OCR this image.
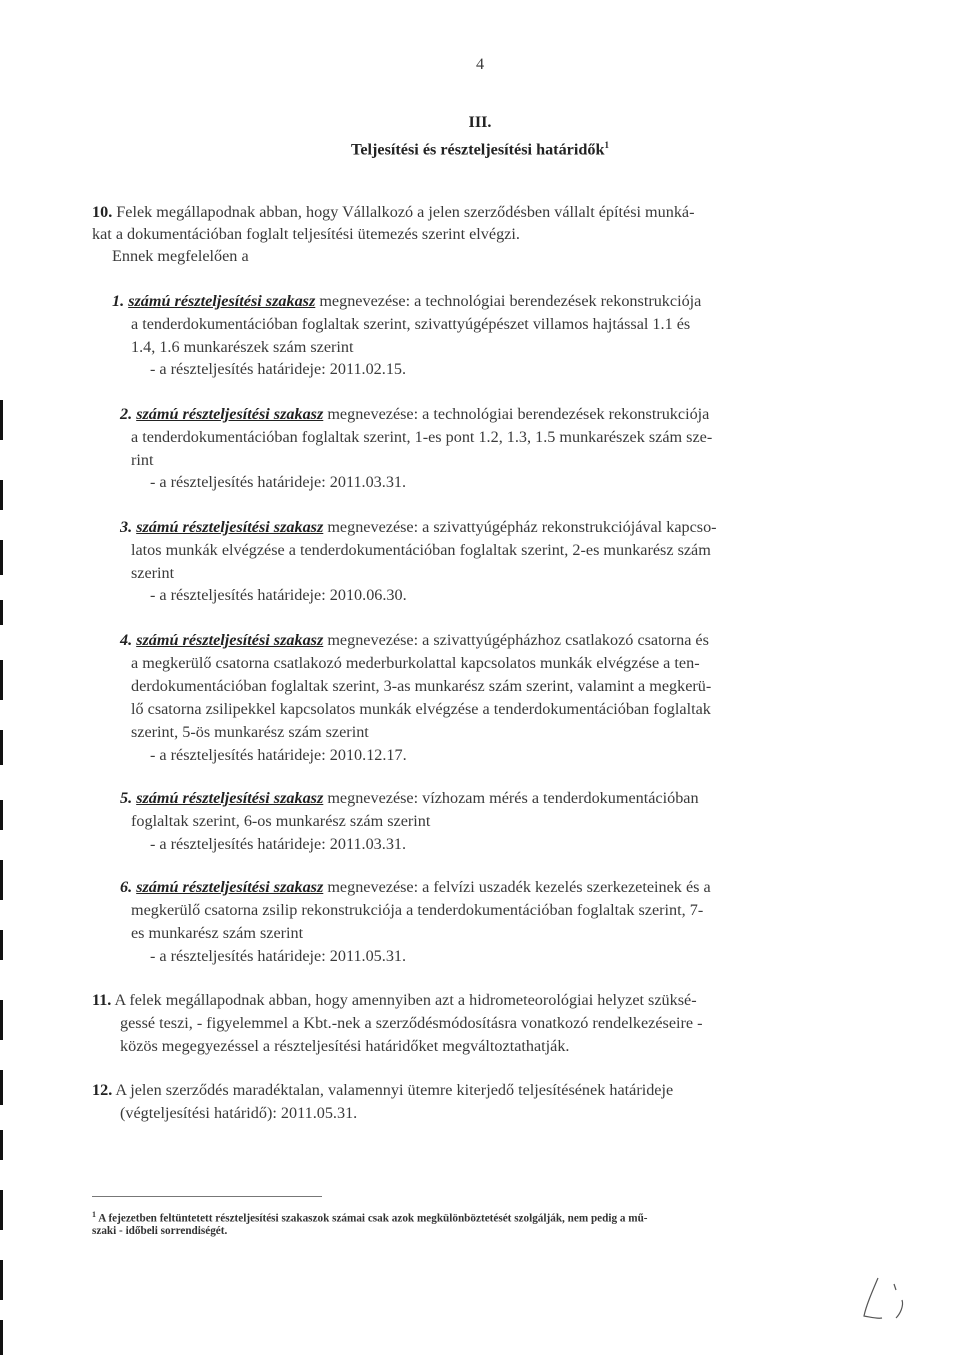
4
III.
Teljesítési és részteljesítési határidők$^1$
10. Felek megállapodnak abban, hogy Vállalkozó a jelen szerződésben vállalt építési munká-
kat a dokumentációban foglalt teljesítési ütemezés szerint elvégzi.
Ennek megfelelően a
1. számú részteljesítési szakasz megnevezése: a technológiai berendezések rekonstrukciója
a tenderdokumentációban foglaltak szerint, szivattyúgépészet villamos hajtással 1.1 és
1.4, 1.6 munkarészek szám szerint
- a részteljesítés határideje: 2011.02.15.
2. számú részteljesítési szakasz megnevezése: a technológiai berendezések rekonstrukciója
a tenderdokumentációban foglaltak szerint, 1-es pont 1.2, 1.3, 1.5 munkarészek szám sze-
rint
- a részteljesítés határideje: 2011.03.31.
3. számú részteljesítési szakasz megnevezése: a szivattyúgépház rekonstrukciójával kapcso-
latos munkák elvégzése a tenderdokumentációban foglaltak szerint, 2-es munkarész szám
szerint
- a részteljesítés határideje: 2010.06.30.
4. számú részteljesítési szakasz megnevezése: a szivattyúgépházhoz csatlakozó csatorna és
a megkerülő csatorna csatlakozó mederburkolattal kapcsolatos munkák elvégzése a ten-
derdokumentációban foglaltak szerint, 3-as munkarész szám szerint, valamint a megkerü-
lő csatorna zsilipekkel kapcsolatos munkák elvégzése a tenderdokumentációban foglaltak
szerint, 5-ös munkarész szám szerint
- a részteljesítés határideje: 2010.12.17.
5. számú részteljesítési szakasz megnevezése: vízhozam mérés a tenderdokumentációban
foglaltak szerint, 6-os munkarész szám szerint
- a részteljesítés határideje: 2011.03.31.
6. számú részteljesítési szakasz megnevezése: a felvízi uszadék kezelés szerkezeteinek és a
megkerülő csatorna zsilip rekonstrukciója a tenderdokumentációban foglaltak szerint, 7-
es munkarész szám szerint
- a részteljesítés határideje: 2011.05.31.
11. A felek megállapodnak abban, hogy amennyiben azt a hidrometeorológiai helyzet szüksé-
gessé teszi, - figyelemmel a Kbt.-nek a szerződésmódosításra vonatkozó rendelkezéseire -
közös megegyezéssel a részteljesítési határidőket megváltoztathatják.
12. A jelen szerződés maradéktalan, valamennyi ütemre kiterjedő teljesítésének határideje
(végteljesítési határidő): 2011.05.31.
$^1$ A fejezetben feltüntetett részteljesítési szakaszok számai csak azok megkülönböztetését szolgálják, nem pedig a mű-
szaki - időbeli sorrendiségét.
